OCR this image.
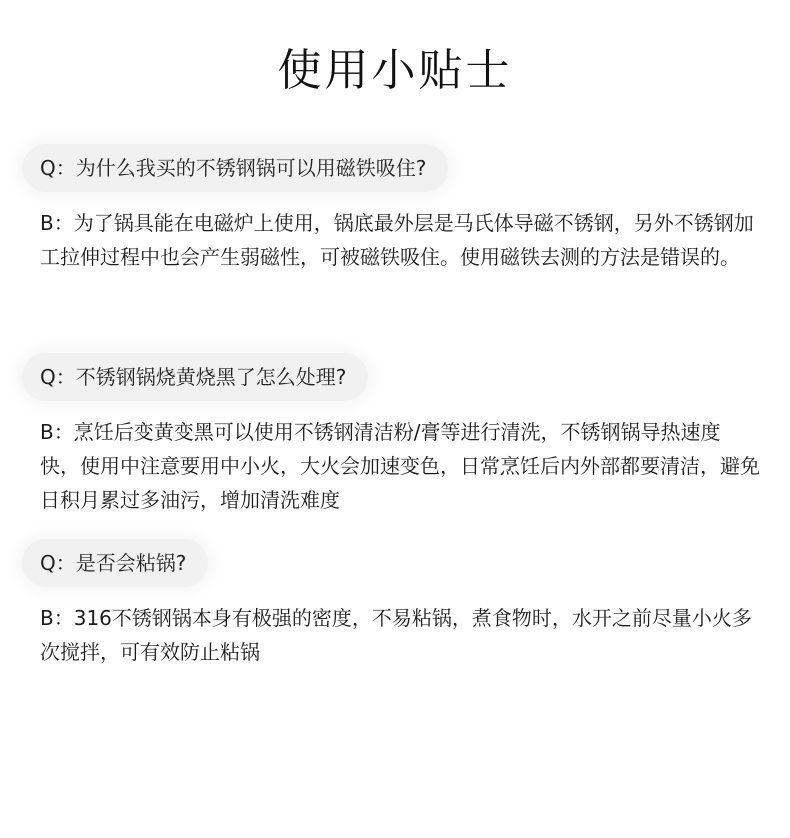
使用小贴士
Q：为什么我买的不锈钢锅可以用磁铁吸住?
B：为了锅具能在电磁炉上使用，锅底最外层是马氏体导磁不锈钢，另外不锈钢加工拉伸过程中也会产生弱磁性，可被磁铁吸住。使用磁铁去测的方法是错误的。
Q：不锈钢锅烧黄烧黑了怎么处理?
B：烹饪后变黄变黑可以使用不锈钢清洁粉/膏等进行清洗，不锈钢锅导热速度快，使用中注意要用中小火，大火会加速变色，日常烹饪后内外部都要清洁，避免日积月累过多油污，增加清洗难度
Q：是否会粘锅?
B：316不锈钢锅本身有极强的密度，不易粘锅，煮食物时，水开之前尽量小火多次搅拌，可有效防止粘锅
